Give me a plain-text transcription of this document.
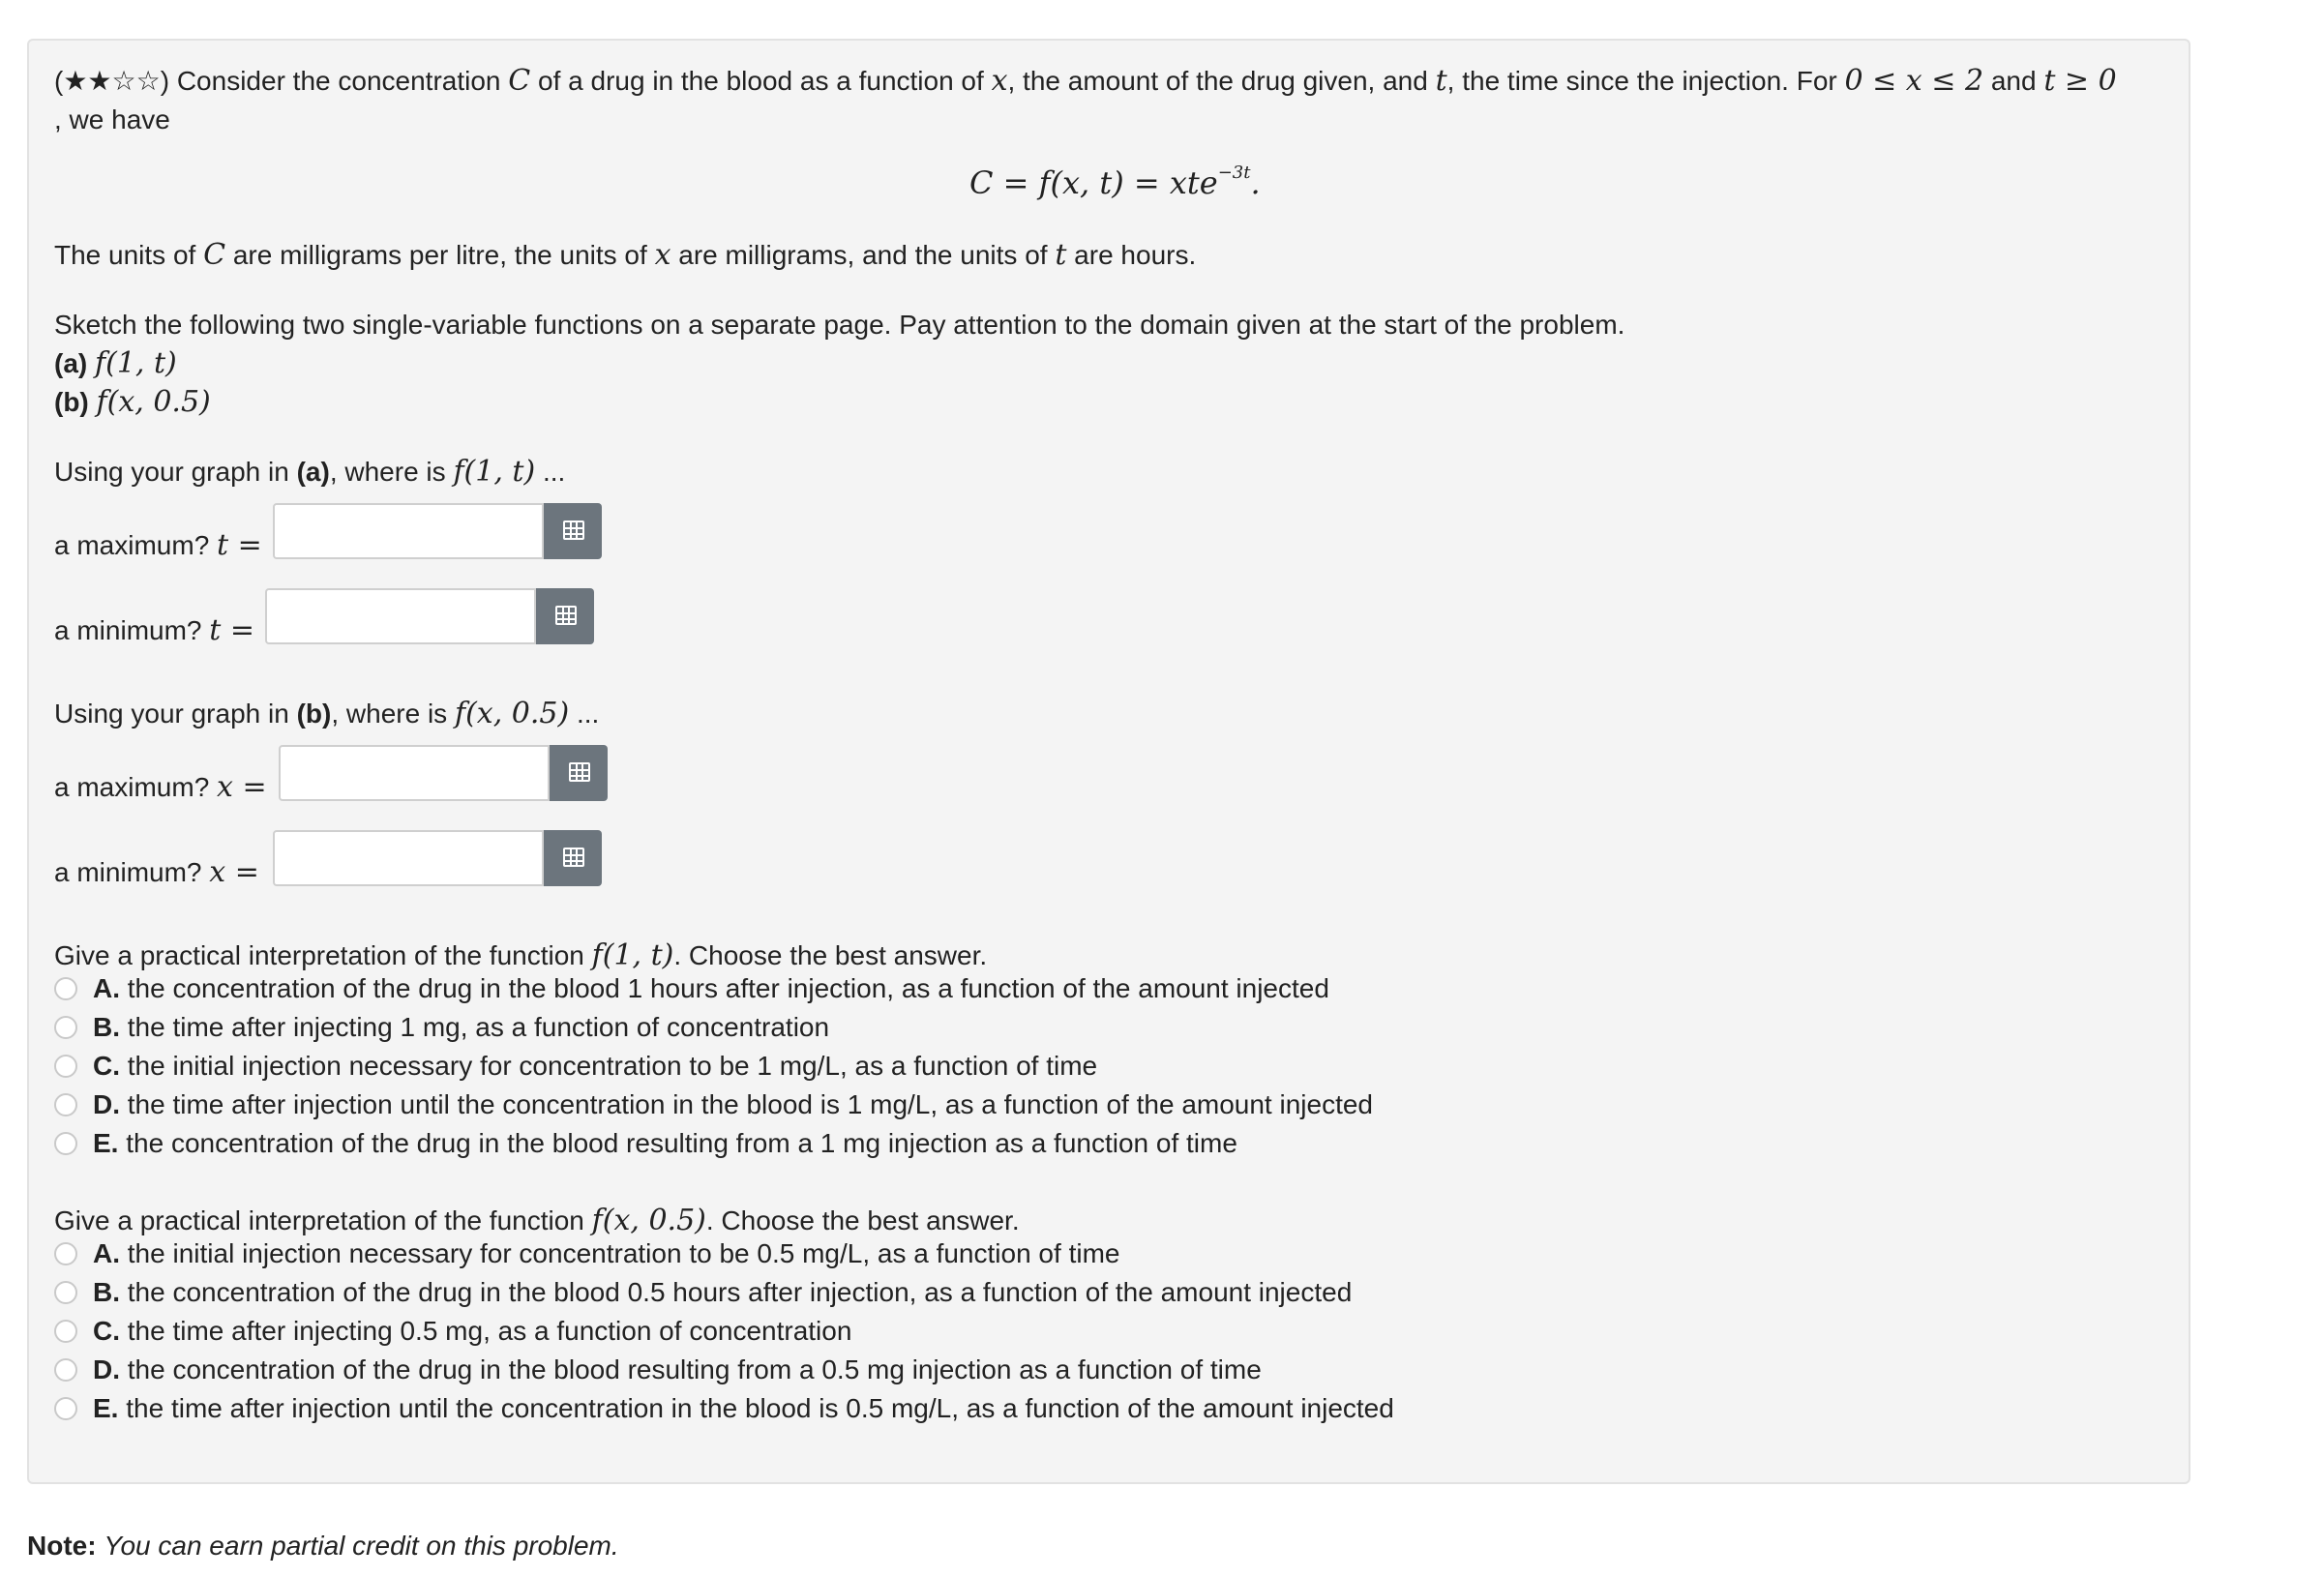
(★★☆☆) Consider the concentration C of a drug in the blood as a function of x, the amount of the drug given, and t, the time since the injection. For 0 ≤ x ≤ 2 and t ≥ 0
, we have
C = f(x, t) = xte$^{-3t}$.
The units of C are milligrams per litre, the units of x are milligrams, and the units of t are hours.
Sketch the following two single-variable functions on a separate page. Pay attention to the domain given at the start of the problem.
(a) f(1, t)
(b) f(x, 0.5)
Using your graph in (a), where is f(1, t) ...
a maximum? t =
a minimum? t =
Using your graph in (b), where is f(x, 0.5) ...
a maximum? x =
a minimum? x =
Give a practical interpretation of the function f(1, t). Choose the best answer.
A. the concentration of the drug in the blood 1 hours after injection, as a function of the amount injected
B. the time after injecting 1 mg, as a function of concentration
C. the initial injection necessary for concentration to be 1 mg/L, as a function of time
D. the time after injection until the concentration in the blood is 1 mg/L, as a function of the amount injected
E. the concentration of the drug in the blood resulting from a 1 mg injection as a function of time
Give a practical interpretation of the function f(x, 0.5). Choose the best answer.
A. the initial injection necessary for concentration to be 0.5 mg/L, as a function of time
B. the concentration of the drug in the blood 0.5 hours after injection, as a function of the amount injected
C. the time after injecting 0.5 mg, as a function of concentration
D. the concentration of the drug in the blood resulting from a 0.5 mg injection as a function of time
E. the time after injection until the concentration in the blood is 0.5 mg/L, as a function of the amount injected
Note: You can earn partial credit on this problem.
